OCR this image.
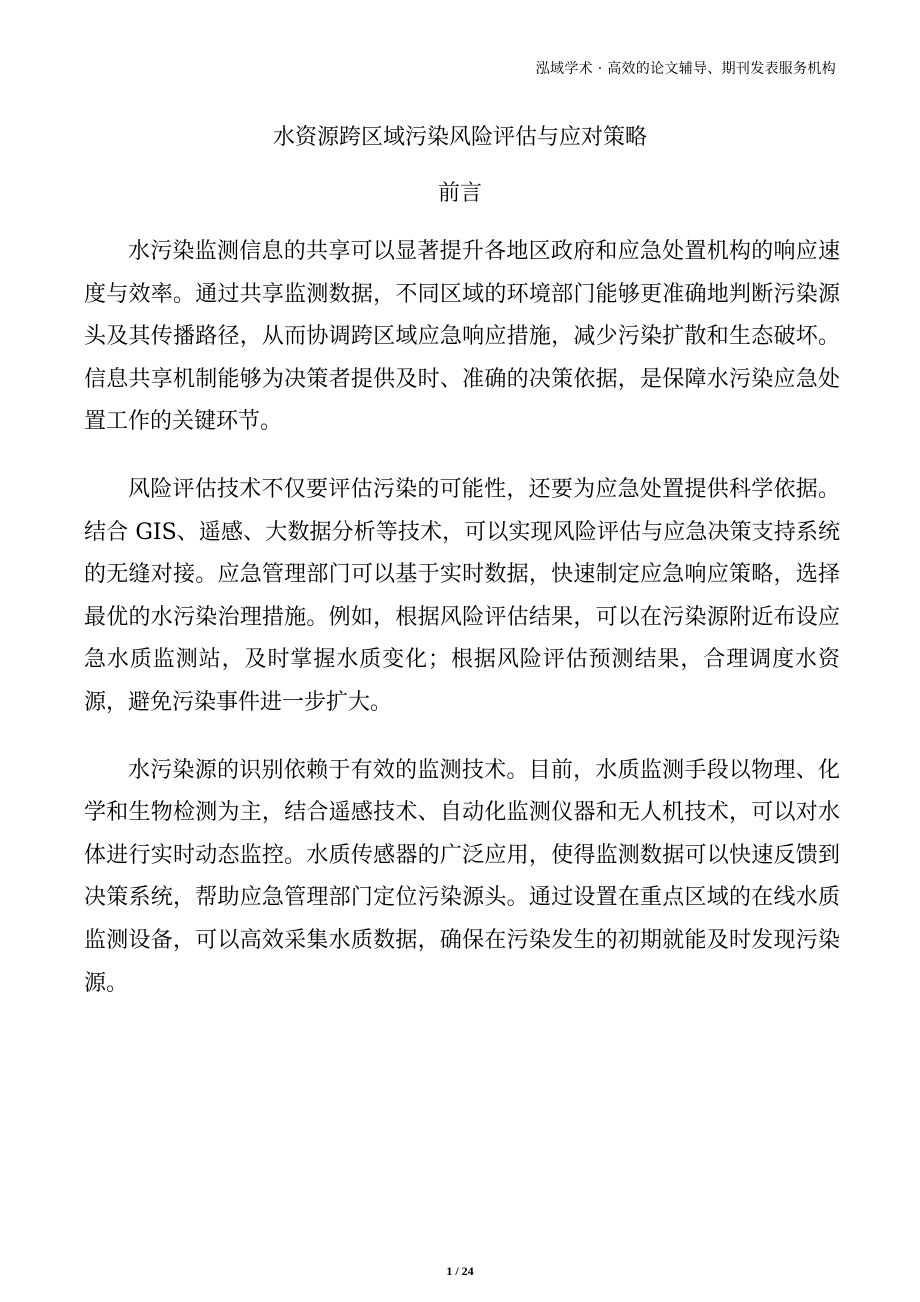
泓域学术 · 高效的论文辅导、期刊发表服务机构
水资源跨区域污染风险评估与应对策略
前言

水污染监测信息的共享可以显著提升各地区政府和应急处置机构的响应速度与效率。通过共享监测数据，不同区域的环境部门能够更准确地判断污染源头及其传播路径，从而协调跨区域应急响应措施，减少污染扩散和生态破坏。信息共享机制能够为决策者提供及时、准确的决策依据，是保障水污染应急处置工作的关键环节。

风险评估技术不仅要评估污染的可能性，还要为应急处置提供科学依据。结合 GIS、遥感、大数据分析等技术，可以实现风险评估与应急决策支持系统的无缝对接。应急管理部门可以基于实时数据，快速制定应急响应策略，选择最优的水污染治理措施。例如，根据风险评估结果，可以在污染源附近布设应急水质监测站，及时掌握水质变化；根据风险评估预测结果，合理调度水资源，避免污染事件进一步扩大。

水污染源的识别依赖于有效的监测技术。目前，水质监测手段以物理、化学和生物检测为主，结合遥感技术、自动化监测仪器和无人机技术，可以对水体进行实时动态监控。水质传感器的广泛应用，使得监测数据可以快速反馈到决策系统，帮助应急管理部门定位污染源头。通过设置在重点区域的在线水质监测设备，可以高效采集水质数据，确保在污染发生的初期就能及时发现污染源。

1 / 24
